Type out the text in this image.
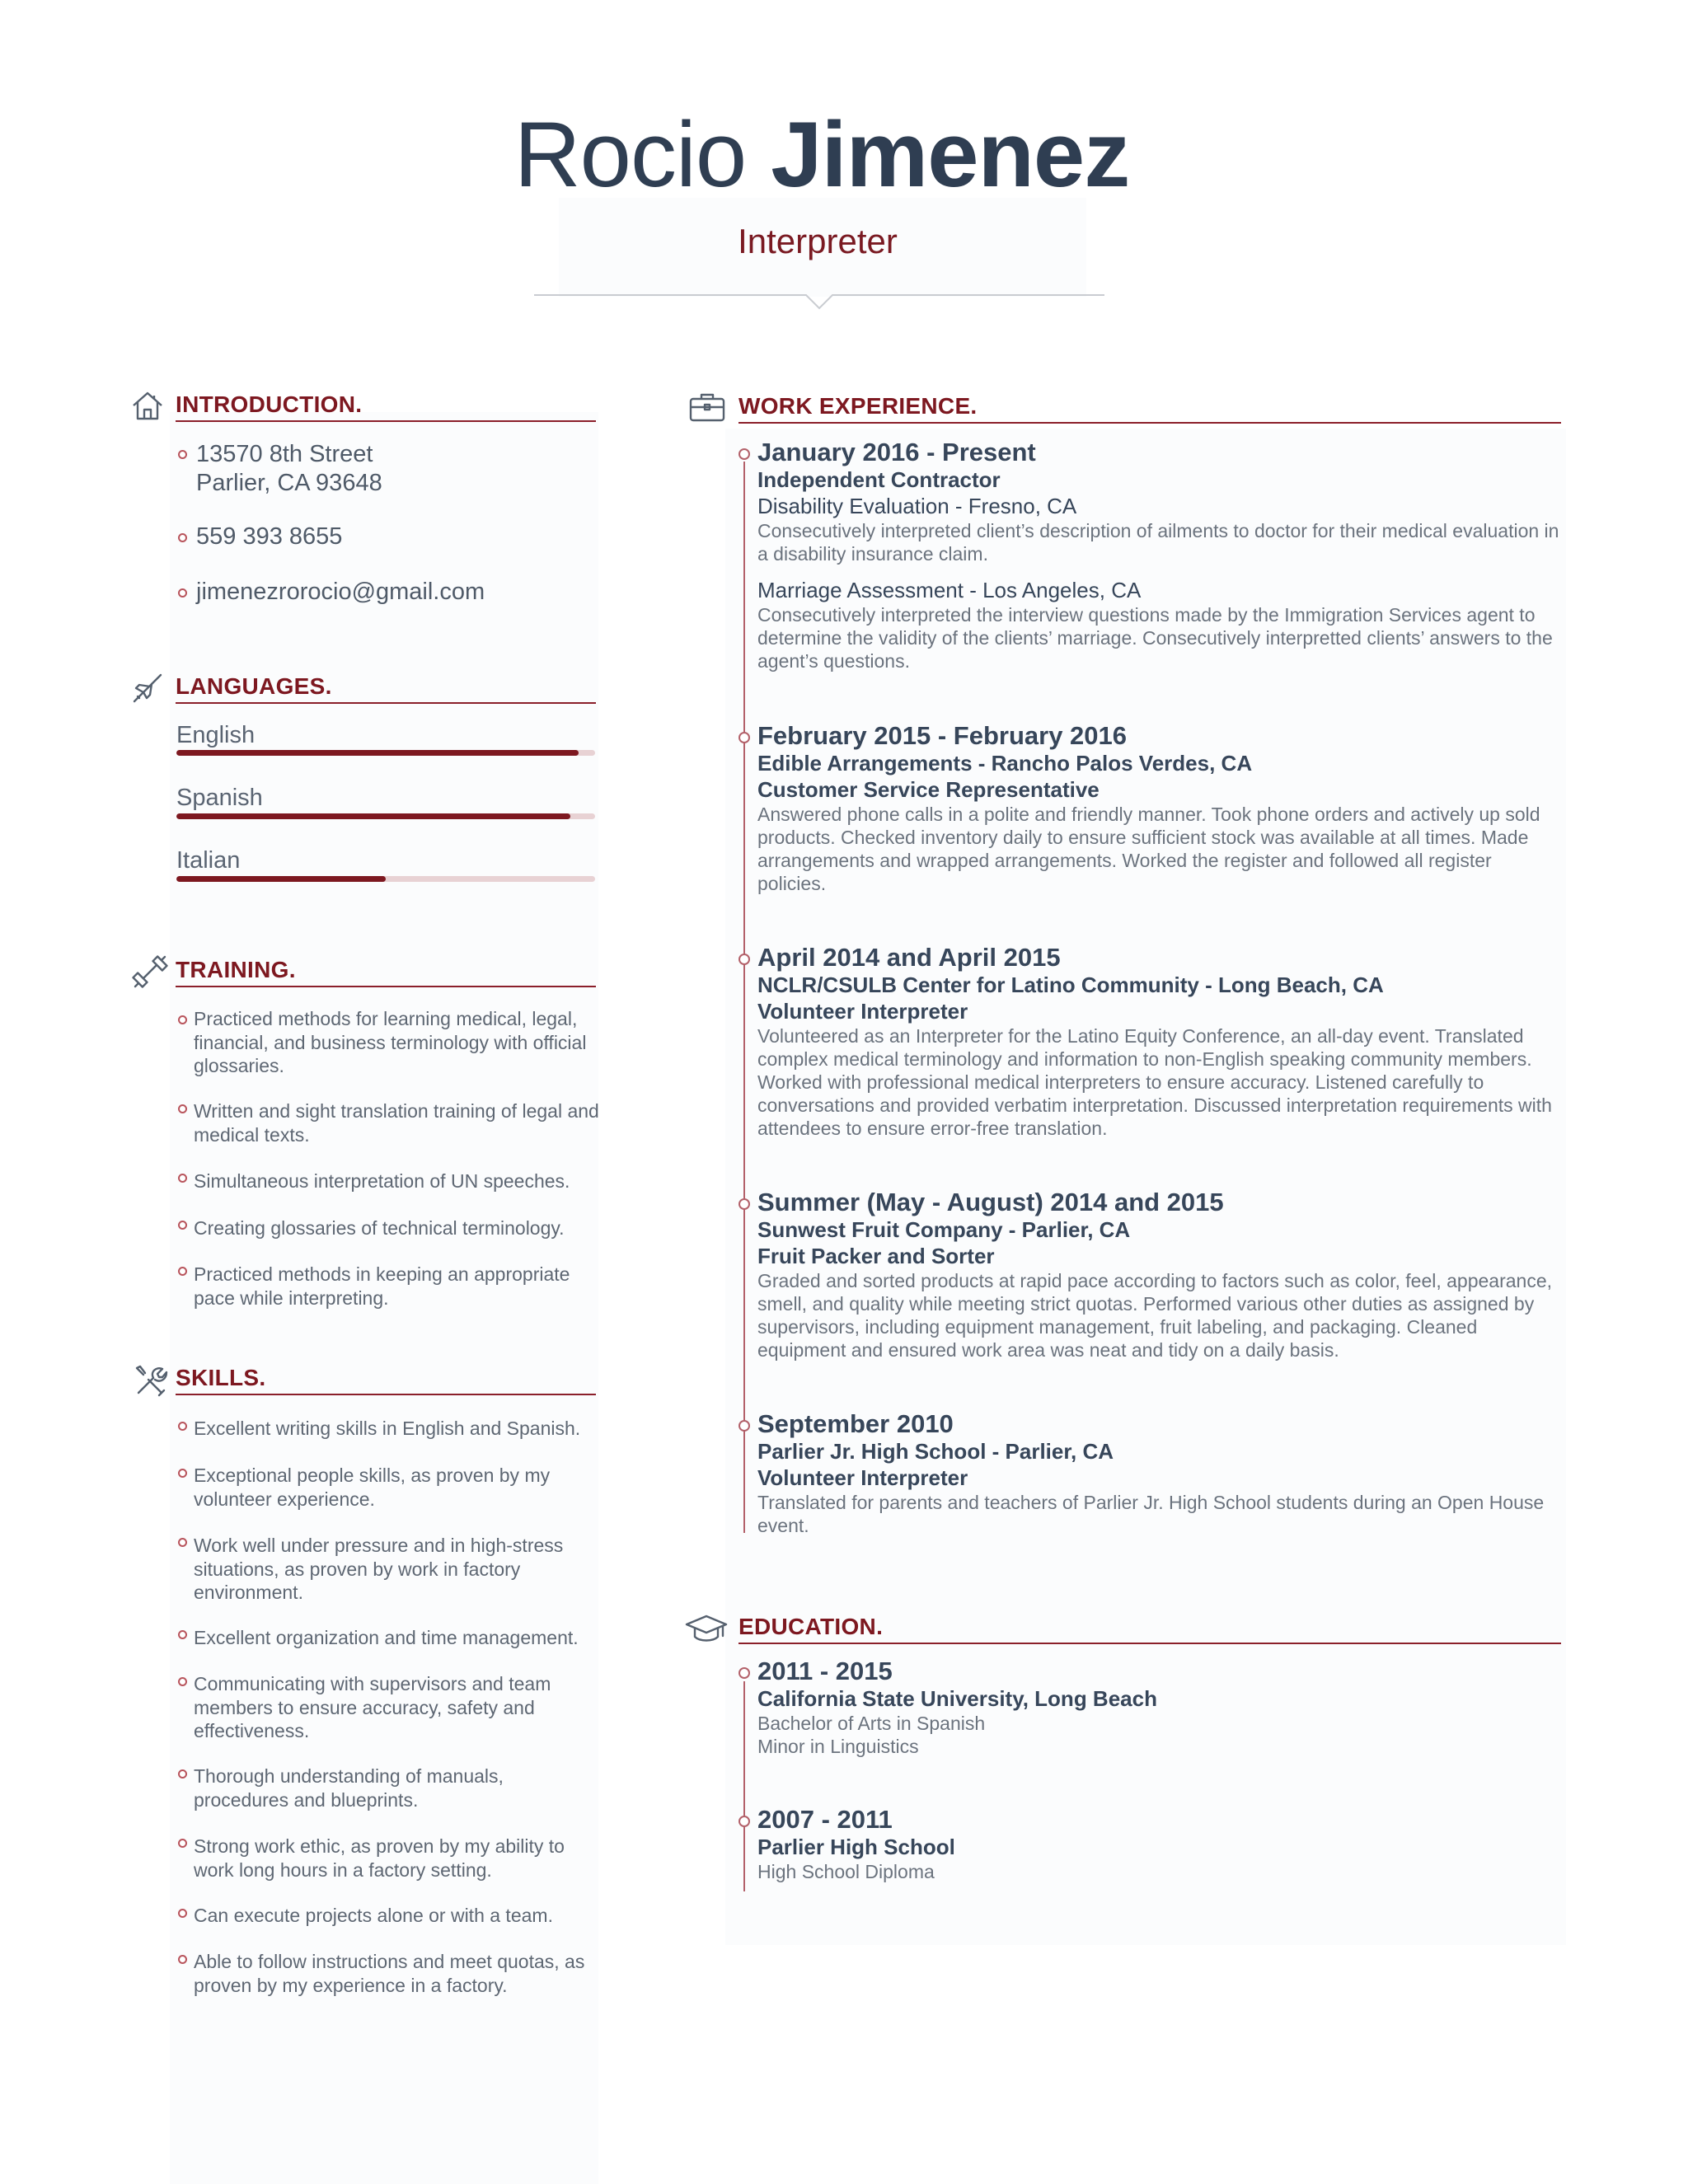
Rocio Jimenez
Interpreter
INTRODUCTION.
13570 8th Street
Parlier, CA 93648
559 393 8655
jimenezrorocio@gmail.com
LANGUAGES.
English
Spanish
Italian
TRAINING.
Practiced methods for learning medical, legal, financial, and business terminology with official glossaries.
Written and sight translation training of legal and medical texts.
Simultaneous interpretation of UN speeches.
Creating glossaries of technical terminology.
Practiced methods in keeping an appropriate pace while interpreting.
SKILLS.
Excellent writing skills in English and Spanish.
Exceptional people skills, as proven by my volunteer experience.
Work well under pressure and in high-stress situations, as proven by work in factory environment.
Excellent organization and time management.
Communicating with supervisors and team members to ensure accuracy, safety and effectiveness.
Thorough understanding of manuals, procedures and blueprints.
Strong work ethic, as proven by my ability to work long hours in a factory setting.
Can execute projects alone or with a team.
Able to follow instructions and meet quotas, as proven by my experience in a factory.
WORK EXPERIENCE.
January 2016 - Present
Independent Contractor
Disability Evaluation - Fresno, CA
Consecutively interpreted client’s description of ailments to doctor for their medical evaluation in a disability insurance claim.
Marriage Assessment - Los Angeles, CA
Consecutively interpreted the interview questions made by the Immigration Services agent to determine the validity of the clients’ marriage. Consecutively interpretted clients’ answers to the agent’s questions.
February 2015 - February 2016
Edible Arrangements - Rancho Palos Verdes, CA
Customer Service Representative
Answered phone calls in a polite and friendly manner. Took phone orders and actively up sold products. Checked inventory daily to ensure sufficient stock was available at all times. Made arrangements and wrapped arrangements. Worked the register and followed all register policies.
April 2014 and April 2015
NCLR/CSULB Center for Latino Community - Long Beach, CA
Volunteer Interpreter
Volunteered as an Interpreter for the Latino Equity Conference, an all-day event. Translated complex medical terminology and information to non-English speaking community members. Worked with professional medical interpreters to ensure accuracy. Listened carefully to conversations and provided verbatim interpretation. Discussed interpretation requirements with attendees to ensure error-free translation.
Summer (May - August) 2014 and 2015
Sunwest Fruit Company - Parlier, CA
Fruit Packer and Sorter
Graded and sorted products at rapid pace according to factors such as color, feel, appearance, smell, and quality while meeting strict quotas. Performed various other duties as assigned by supervisors, including equipment management, fruit labeling, and packaging. Cleaned equipment and ensured work area was neat and tidy on a daily basis.
September 2010
Parlier Jr. High School - Parlier, CA
Volunteer Interpreter
Translated for parents and teachers of Parlier Jr. High School students during an Open House event.
EDUCATION.
2011 - 2015
California State University, Long Beach
Bachelor of Arts in Spanish
Minor in Linguistics
2007 - 2011
Parlier High School
High School Diploma
